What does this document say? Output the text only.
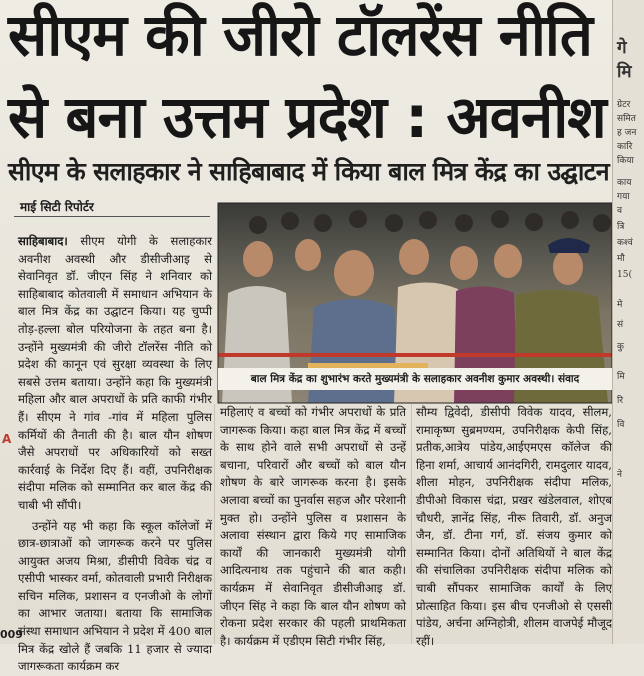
सीएम की जीरो टॉलरेंस नीति
से बना उत्तम प्रदेश : अवनीश
सीएम के सलाहकार ने साहिबाबाद में किया बाल मित्र केंद्र का उद्घाटन
माई सिटी रिपोर्टर
बाल मित्र केंद्र का शुभारंभ करते मुख्यमंत्री के सलाहकार अवनीश कुमार अवस्थी। संवाद

साहिबाबाद। सीएम योगी के सलाहकार अवनीश अवस्थी और डीसीजीआइ से सेवानिवृत डॉ. जीएन सिंह ने शनिवार को साहिबाबाद कोतवाली में समाधान अभियान के बाल मित्र केंद्र का उद्घाटन किया। यह चुप्पी तोड़-हल्ला बोल परियोजना के तहत बना है। उन्होंने मुख्यमंत्री की जीरो टॉलरेंस नीति को प्रदेश की कानून एवं सुरक्षा व्यवस्था के लिए सबसे उत्तम बताया। उन्होंने कहा कि मुख्यमंत्री महिला और बाल अपराधों के प्रति काफी गंभीर हैं। सीएम ने गांव -गांव में महिला पुलिस कर्मियों की तैनाती की है। बाल यौन शोषण जैसे अपराधों पर अधिकारियों को सख्त कार्रवाई के निर्देश दिए हैं। वहीं, उपनिरीक्षक संदीपा मलिक को सम्मानित कर बाल केंद्र की चाबी भी सौंपी।

उन्होंने यह भी कहा कि स्कूल कॉलेजों में छात्र-छात्राओं को जागरूक करने पर पुलिस आयुक्त अजय मिश्रा, डीसीपी विवेक चंद्र व एसीपी भास्कर वर्मा, कोतवाली प्रभारी निरीक्षक सचिन मलिक, प्रशासन व एनजीओ के लोगों का आभार जताया। बताया कि सामाजिक संस्था समाधान अभियान ने प्रदेश में 400 बाल मित्र केंद्र खोले हैं जबकि 11 हजार से ज्यादा जागरूकता कार्यक्रम कर

महिलाएं व बच्चों को गंभीर अपराधों के प्रति जागरूक किया। कहा बाल मित्र केंद्र में बच्चों के साथ होने वाले सभी अपराधों से उन्हें बचाना, परिवारों और बच्चों को बाल यौन शोषण के बारे जागरूक करना है। इसके अलावा बच्चों का पुनर्वास सहज और परेशानी मुक्त हो। उन्होंने पुलिस व प्रशासन के अलावा संस्थान द्वारा किये गए सामाजिक कार्यों की जानकारी मुख्यमंत्री योगी आदित्यनाथ तक पहुंचाने की बात कही। कार्यक्रम में सेवानिवृत डीसीजीआइ डॉ. जीएन सिंह ने कहा कि बाल यौन शोषण को रोकना प्रदेश सरकार की पहली प्राथमिकता है। कार्यक्रम में एडीएम सिटी गंभीर सिंह,

सौम्य द्विवेदी, डीसीपी विवेक यादव, सीलम, रामाकृष्ण सुब्रमण्यम, उपनिरीक्षक केपी सिंह, प्रतीक,आत्रेय पांडेय,आईएमएस कॉलेज की हिना शर्मा, आचार्य आनंदगिरी, रामदुलार यादव, शीला मोहन, उपनिरीक्षक संदीपा मलिक, डीपीओ विकास चंद्रा, प्रखर खंडेलवाल, शोएब चौधरी, ज्ञानेंद्र सिंह, नीरू तिवारी, डॉ. अनुज जैन, डॉ. टीना गर्ग, डॉ. संजय कुमार को सम्मानित किया। दोनों अतिथियों ने बाल केंद्र की संचालिका उपनिरीक्षक संदीपा मलिक को चाबी सौंपकर सामाजिक कार्यों के लिए प्रोत्साहित किया। इस बीच एनजीओ से एससी पांडेय, अर्चना अग्निहोत्री, शीलम वाजपेई मौजूद रहीं।

A
009
गे
मि
ग्रेटर
समित
ह जन
कारि
किया
काय
गया
व
त्रि
कश्वं
मौ
15(
मे
सं
कु
मि
रि
वि
ने
